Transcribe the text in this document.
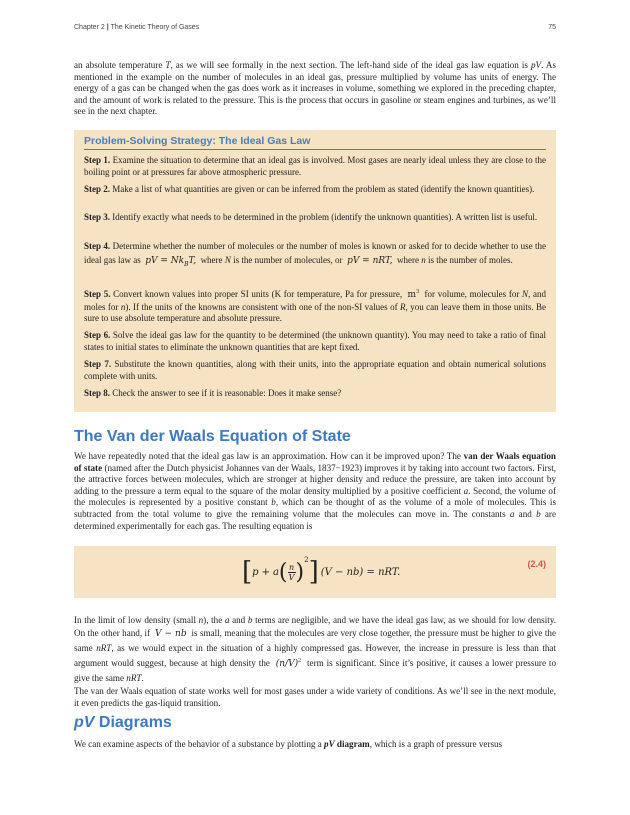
Chapter 2 | The Kinetic Theory of Gases	75

an absolute temperature T, as we will see formally in the next section. The left-hand side of the ideal gas law equation is pV. As mentioned in the example on the number of molecules in an ideal gas, pressure multiplied by volume has units of energy. The energy of a gas can be changed when the gas does work as it increases in volume, something we explored in the preceding chapter, and the amount of work is related to the pressure. This is the process that occurs in gasoline or steam engines and turbines, as we’ll see in the next chapter.

Problem-Solving Strategy: The Ideal Gas Law

Step 1. Examine the situation to determine that an ideal gas is involved. Most gases are nearly ideal unless they are close to the boiling point or at pressures far above atmospheric pressure.

Step 2. Make a list of what quantities are given or can be inferred from the problem as stated (identify the known quantities).

Step 3. Identify exactly what needs to be determined in the problem (identify the unknown quantities). A written list is useful.

Step 4. Determine whether the number of molecules or the number of moles is known or asked for to decide whether to use the ideal gas law as  pV = $Nk_BT$,  where N is the number of molecules, or  pV = nRT,  where n is the number of moles.

Step 5. Convert known values into proper SI units (K for temperature, Pa for pressure,  $m^3$  for volume, molecules for N, and moles for n). If the units of the knowns are consistent with one of the non-SI values of R, you can leave them in those units. Be sure to use absolute temperature and absolute pressure.

Step 6. Solve the ideal gas law for the quantity to be determined (the unknown quantity). You may need to take a ratio of final states to initial states to eliminate the unknown quantities that are kept fixed.

Step 7. Substitute the known quantities, along with their units, into the appropriate equation and obtain numerical solutions complete with units.

Step 8. Check the answer to see if it is reasonable: Does it make sense?

The Van der Waals Equation of State

We have repeatedly noted that the ideal gas law is an approximation. How can it be improved upon? The van der Waals equation of state (named after the Dutch physicist Johannes van der Waals, 1837−1923) improves it by taking into account two factors. First, the attractive forces between molecules, which are stronger at higher density and reduce the pressure, are taken into account by adding to the pressure a term equal to the square of the molar density multiplied by a positive coefficient a. Second, the volume of the molecules is represented by a positive constant b, which can be thought of as the volume of a mole of molecules. This is subtracted from the total volume to give the remaining volume that the molecules can move in. The constants a and b are determined experimentally for each gas. The resulting equation is

[ p + a ( n
V )$^2$ ] (V − nb) = nRT.
(2.4)

In the limit of low density (small n), the a and b terms are negligible, and we have the ideal gas law, as we should for low density. On the other hand, if  V − nb  is small, meaning that the molecules are very close together, the pressure must be higher to give the same nRT, as we would expect in the situation of a highly compressed gas. However, the increase in pressure is less than that argument would suggest, because at high density the  $(n/V)^2$  term is significant. Since it’s positive, it causes a lower pressure to give the same nRT.

The van der Waals equation of state works well for most gases under a wide variety of conditions. As we’ll see in the next module, it even predicts the gas-liquid transition.

pV Diagrams

We can examine aspects of the behavior of a substance by plotting a pV diagram, which is a graph of pressure versus
